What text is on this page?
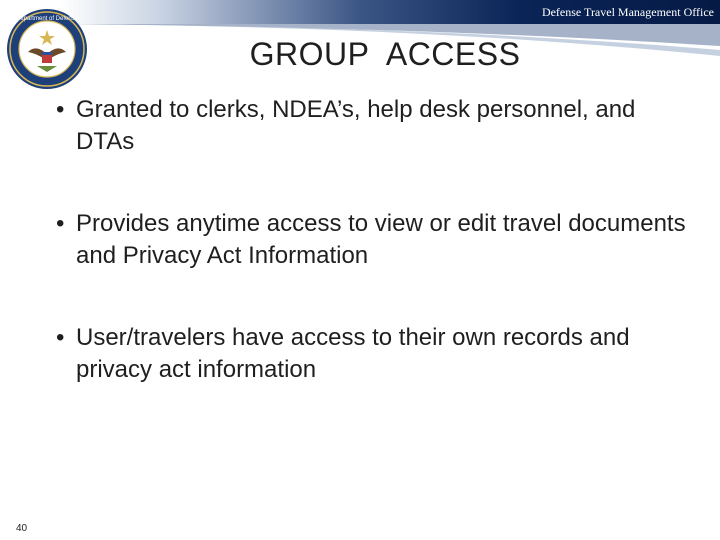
Defense Travel Management Office
Department of Defense
GROUP  ACCESS
• Granted to clerks, NDEA’s, help desk personnel, and DTAs
• Provides anytime access to view or edit travel documents and Privacy Act Information
• User/travelers have access to their own records and privacy act information
40
